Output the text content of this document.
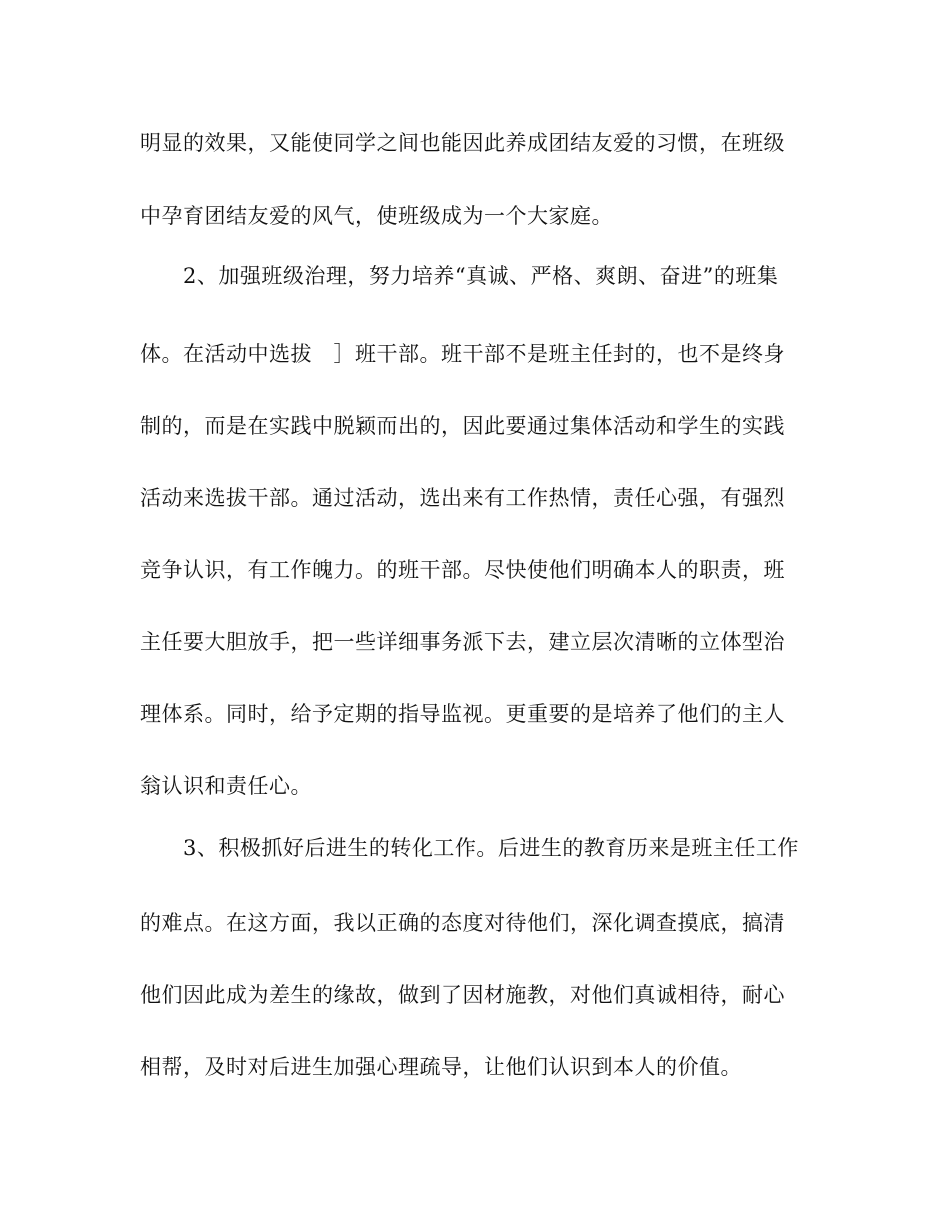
明显的效果，又能使同学之间也能因此养成团结友爱的习惯，在班级
中孕育团结友爱的风气，使班级成为一个大家庭。
2、加强班级治理，努力培养“真诚、严格、爽朗、奋进”的班集
体。在活动中选拔　］班干部。班干部不是班主任封的，也不是终身
制的，而是在实践中脱颖而出的，因此要通过集体活动和学生的实践
活动来选拔干部。通过活动，选出来有工作热情，责任心强，有强烈
竞争认识，有工作魄力。的班干部。尽快使他们明确本人的职责，班
主任要大胆放手，把一些详细事务派下去，建立层次清晰的立体型治
理体系。同时，给予定期的指导监视。更重要的是培养了他们的主人
翁认识和责任心。
3、积极抓好后进生的转化工作。后进生的教育历来是班主任工作
的难点。在这方面，我以正确的态度对待他们，深化调查摸底，搞清
他们因此成为差生的缘故，做到了因材施教，对他们真诚相待，耐心
相帮，及时对后进生加强心理疏导，让他们认识到本人的价值。
